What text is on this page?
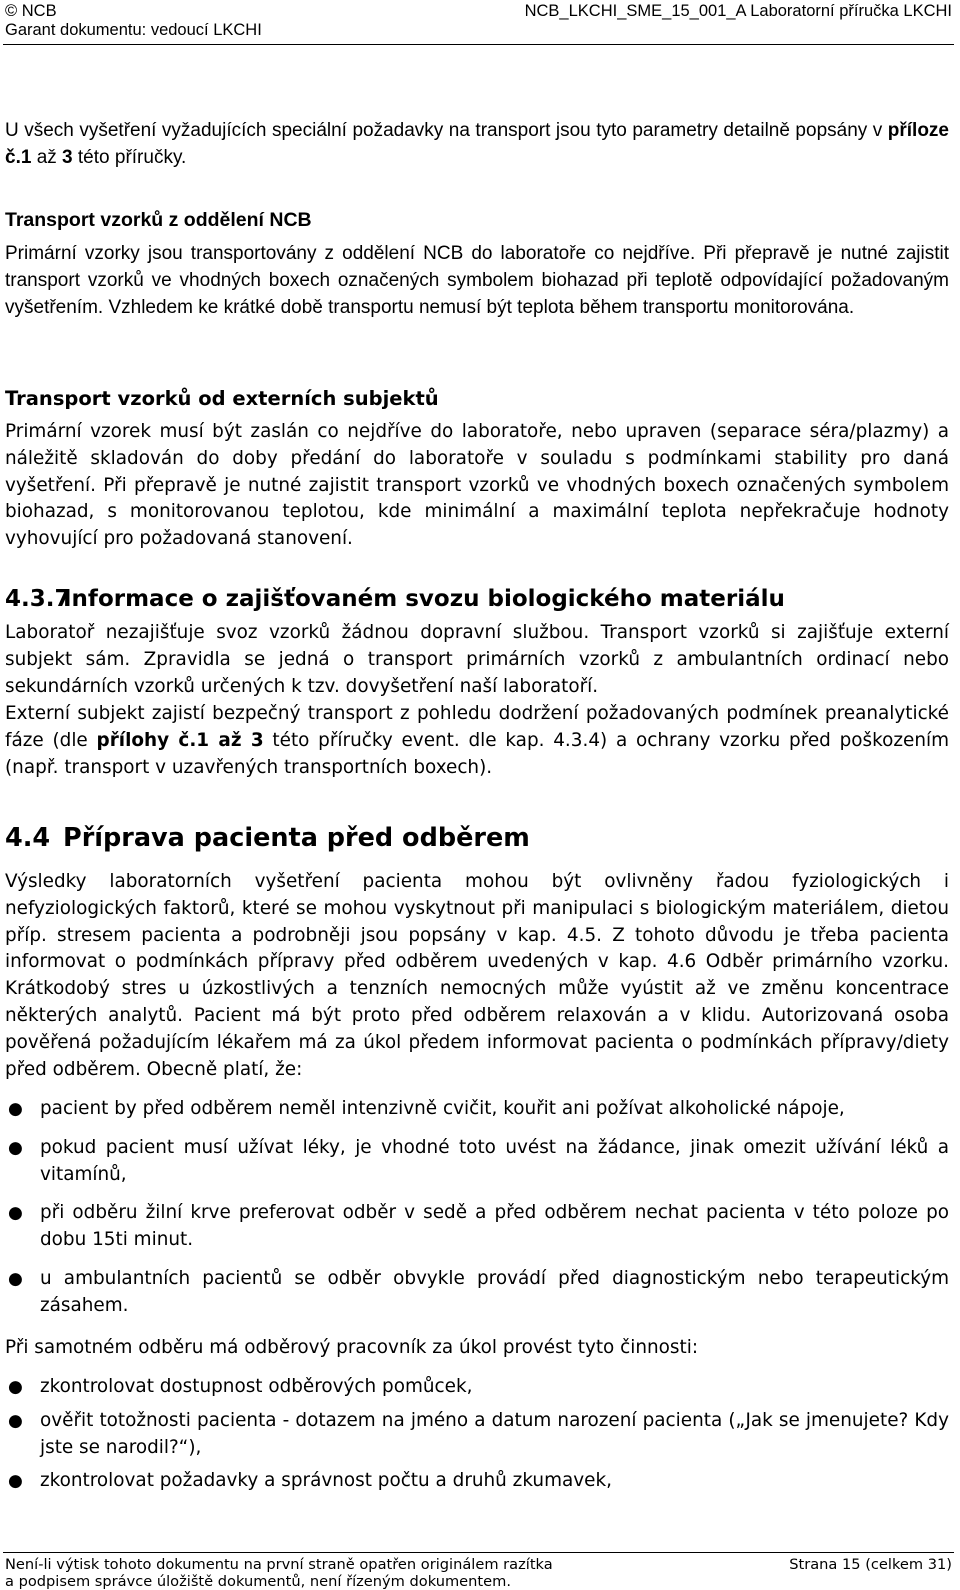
© NCB	NCB_LKCHI_SME_15_001_A Laboratorní příručka LKCHI
Garant dokumentu: vedoucí LKCHI
U všech vyšetření vyžadujících speciální požadavky na transport jsou tyto parametry detailně popsány v příloze č.1 až 3 této příručky.
Transport vzorků z oddělení NCB
Primární vzorky jsou transportovány z oddělení NCB do laboratoře co nejdříve. Při přepravě je nutné zajistit transport vzorků ve vhodných boxech označených symbolem biohazad při teplotě odpovídající požadovaným vyšetřením. Vzhledem ke krátké době transportu nemusí být teplota během transportu monitorována.
Transport vzorků od externích subjektů
Primární vzorek musí být zaslán co nejdříve do laboratoře, nebo upraven (separace séra/plazmy) a náležitě skladován do doby předání do laboratoře v souladu s podmínkami stability pro daná vyšetření. Při přepravě je nutné zajistit transport vzorků ve vhodných boxech označených symbolem biohazad, s monitorovanou teplotou, kde minimální a maximální teplota nepřekračuje hodnoty vyhovující pro požadovaná stanovení.
4.3.7Informace o zajišťovaném svozu biologického materiálu
Laboratoř nezajišťuje svoz vzorků žádnou dopravní službou. Transport vzorků si zajišťuje externí subjekt sám. Zpravidla se jedná o transport primárních vzorků z ambulantních ordinací nebo sekundárních vzorků určených k tzv. dovyšetření naší laboratoří.
Externí subjekt zajistí bezpečný transport z pohledu dodržení požadovaných podmínek preanalytické fáze (dle přílohy č.1 až 3 této příručky event. dle kap. 4.3.4) a ochrany vzorku před poškozením (např. transport v uzavřených transportních boxech).
4.4 Příprava pacienta před odběrem
Výsledky laboratorních vyšetření pacienta mohou být ovlivněny řadou fyziologických i nefyziologických faktorů, které se mohou vyskytnout při manipulaci s biologickým materiálem, dietou příp. stresem pacienta a podrobněji jsou popsány v kap. 4.5. Z tohoto důvodu je třeba pacienta informovat o podmínkách přípravy před odběrem uvedených v kap. 4.6 Odběr primárního vzorku. Krátkodobý stres u úzkostlivých a tenzních nemocných může vyústit až ve změnu koncentrace některých analytů. Pacient má být proto před odběrem relaxován a v klidu. Autorizovaná osoba pověřená požadujícím lékařem má za úkol předem informovat pacienta o podmínkách přípravy/diety před odběrem. Obecně platí, že:
● pacient by před odběrem neměl intenzivně cvičit, kouřit ani požívat alkoholické nápoje,
● pokud pacient musí užívat léky, je vhodné toto uvést na žádance, jinak omezit užívání léků a vitamínů,
● při odběru žilní krve preferovat odběr v sedě a před odběrem nechat pacienta v této poloze po dobu 15ti minut.
● u ambulantních pacientů se odběr obvykle provádí před diagnostickým nebo terapeutickým zásahem.
Při samotném odběru má odběrový pracovník za úkol provést tyto činnosti:
● zkontrolovat dostupnost odběrových pomůcek,
● ověřit totožnosti pacienta - dotazem na jméno a datum narození pacienta („Jak se jmenujete? Kdy jste se narodil?“),
● zkontrolovat požadavky a správnost počtu a druhů zkumavek,
Není-li výtisk tohoto dokumentu na první straně opatřen originálem razítka	Strana 15 (celkem 31)
a podpisem správce úložiště dokumentů, není řízeným dokumentem.
